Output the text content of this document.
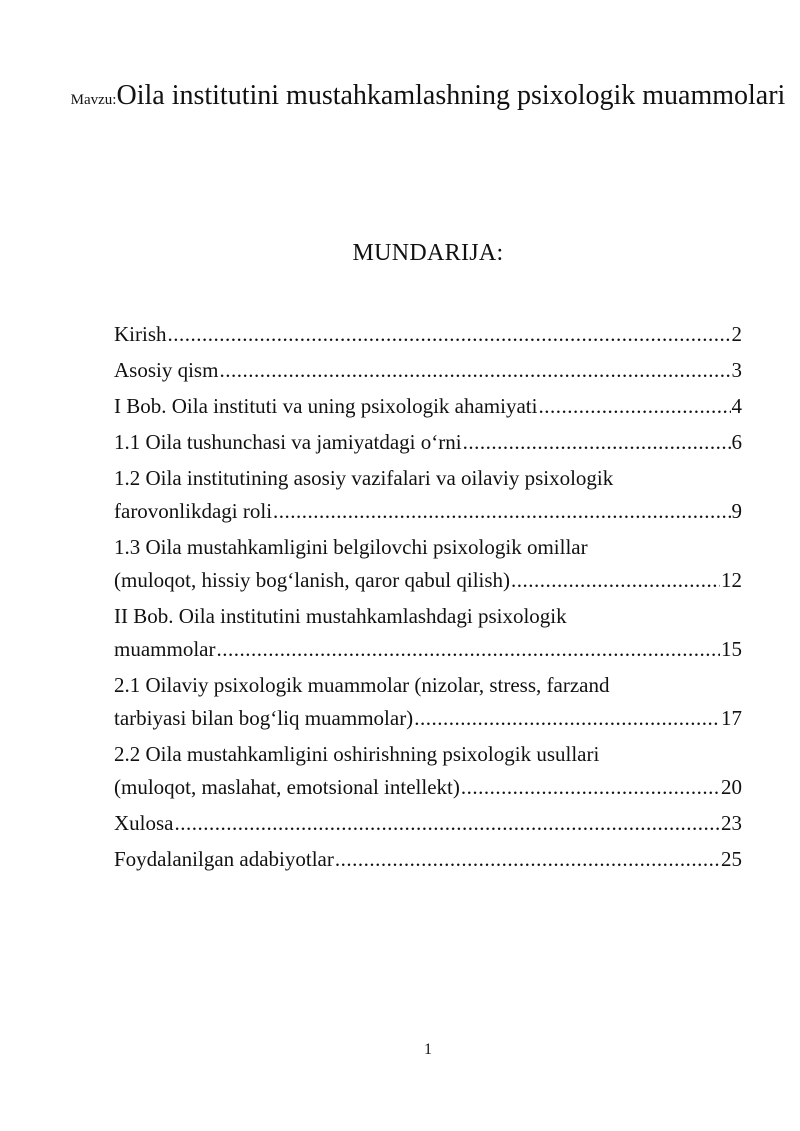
Mavzu:Oila institutini mustahkamlashning psixologik muammolari
MUNDARIJA:
Kirish .....	2
Asosiy qism .....	3
I Bob. Oila instituti va uning psixologik ahamiyati .....	4
1.1 Oila tushunchasi va jamiyatdagi o‘rni .....	6
1.2 Oila institutining asosiy vazifalari va oilaviy psixologik
farovonlikdagi roli .....	9
1.3 Oila mustahkamligini belgilovchi psixologik omillar
(muloqot, hissiy bog‘lanish, qaror qabul qilish) .....	12
II Bob. Oila institutini mustahkamlashdagi psixologik
muammolar .....	15
2.1 Oilaviy psixologik muammolar (nizolar, stress, farzand
tarbiyasi bilan bog‘liq muammolar) .....	17
2.2 Oila mustahkamligini oshirishning psixologik usullari
(muloqot, maslahat, emotsional intellekt) .....	20
Xulosa .....	23
Foydalanilgan adabiyotlar .....	25
1
